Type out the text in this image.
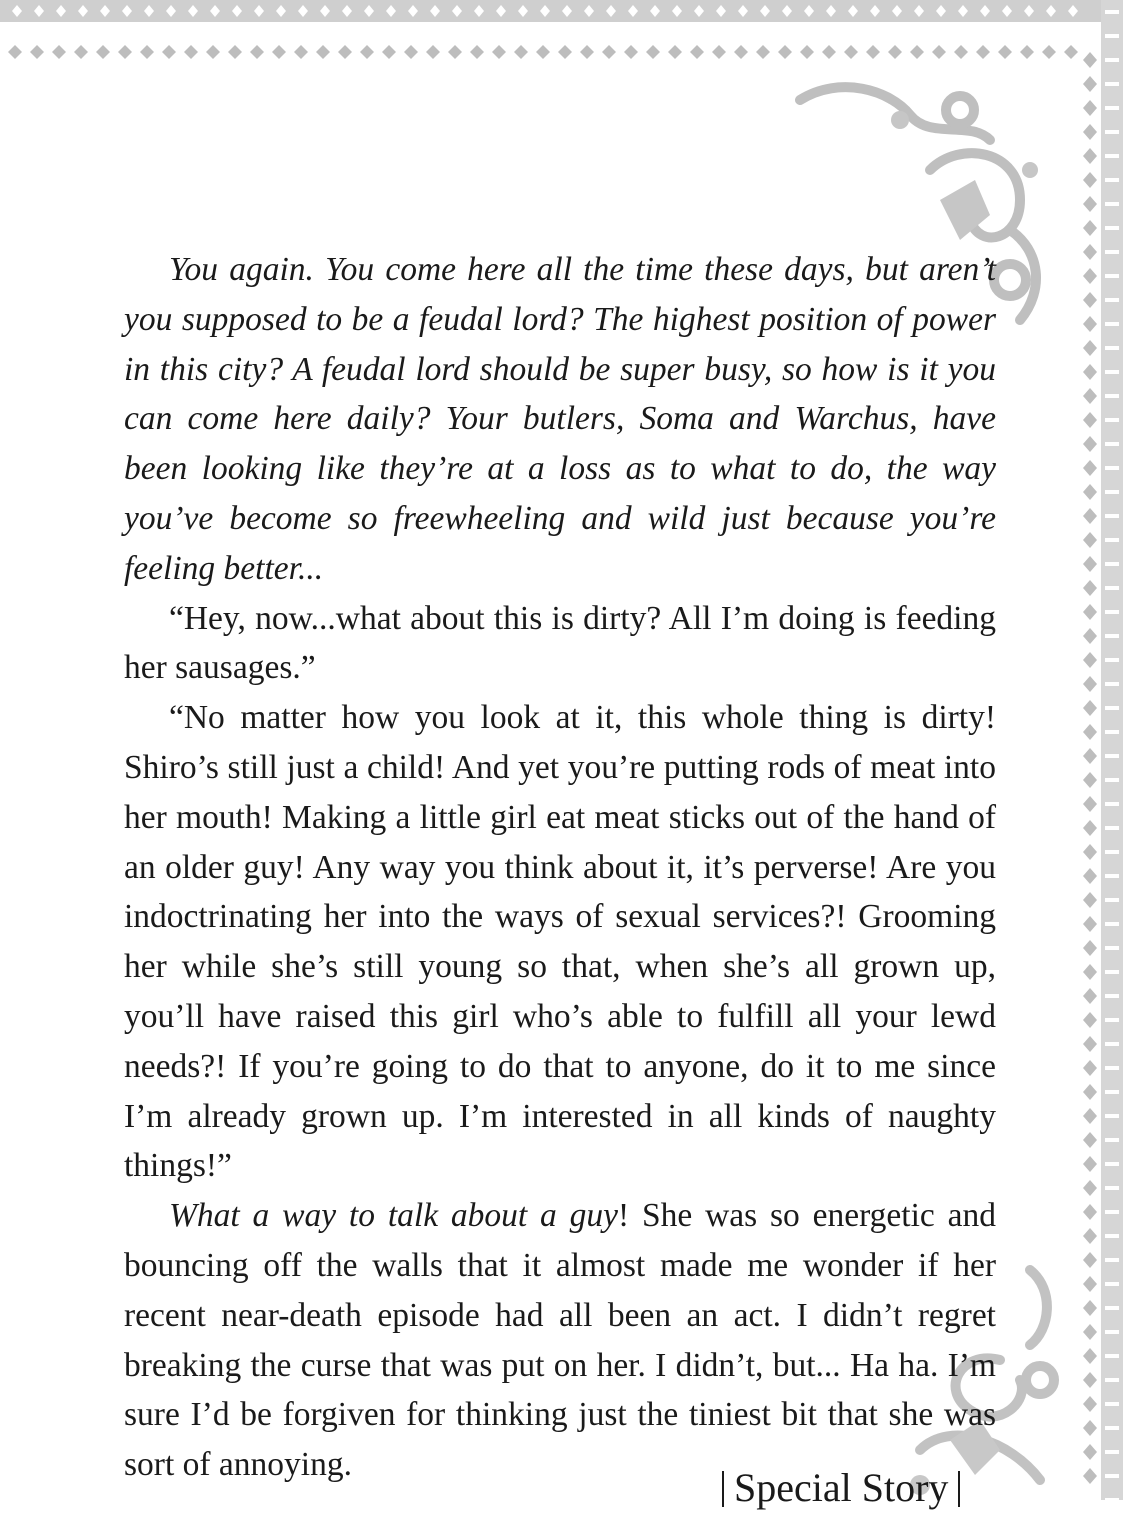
You again. You come here all the time these days, but aren’t you supposed to be a feudal lord? The highest position of power in this city? A feudal lord should be super busy, so how is it you can come here daily? Your butlers, Soma and Warchus, have been looking like they’re at a loss as to what to do, the way you’ve become so freewheeling and wild just because you’re feeling better...

“Hey, now...what about this is dirty? All I’m doing is feeding her sausages.”

“No matter how you look at it, this whole thing is dirty! Shiro’s still just a child! And yet you’re putting rods of meat into her mouth! Making a little girl eat meat sticks out of the hand of an older guy! Any way you think about it, it’s perverse! Are you indoctrinating her into the ways of sexual services?! Grooming her while she’s still young so that, when she’s all grown up, you’ll have raised this girl who’s able to fulfill all your lewd needs?! If you’re going to do that to anyone, do it to me since I’m already grown up. I’m interested in all kinds of naughty things!”

What a way to talk about a guy! She was so energetic and bouncing off the walls that it almost made me wonder if her recent near-death episode had all been an act. I didn’t regret breaking the curse that was put on her. I didn’t, but... Ha ha. I’m sure I’d be forgiven for thinking just the tiniest bit that she was sort of annoying.

Special Story
